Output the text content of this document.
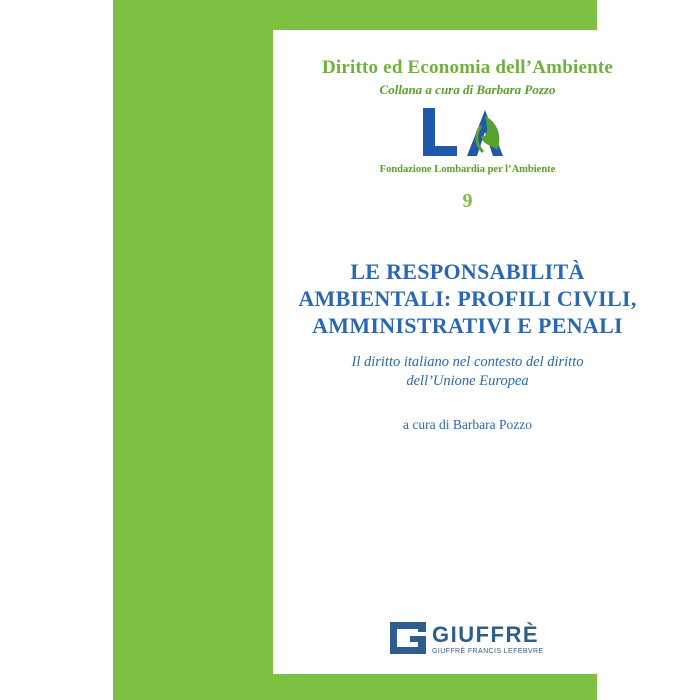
Diritto ed Economia dell’Ambiente
Collana a cura di Barbara Pozzo
Fondazione Lombardia per l’Ambiente
9
LE RESPONSABILITÀ
AMBIENTALI: PROFILI CIVILI,
AMMINISTRATIVI E PENALI
Il diritto italiano nel contesto del diritto
dell’Unione Europea
a cura di Barbara Pozzo
GIUFFRÈ
GIUFFRÈ FRANCIS LEFEBVRE
